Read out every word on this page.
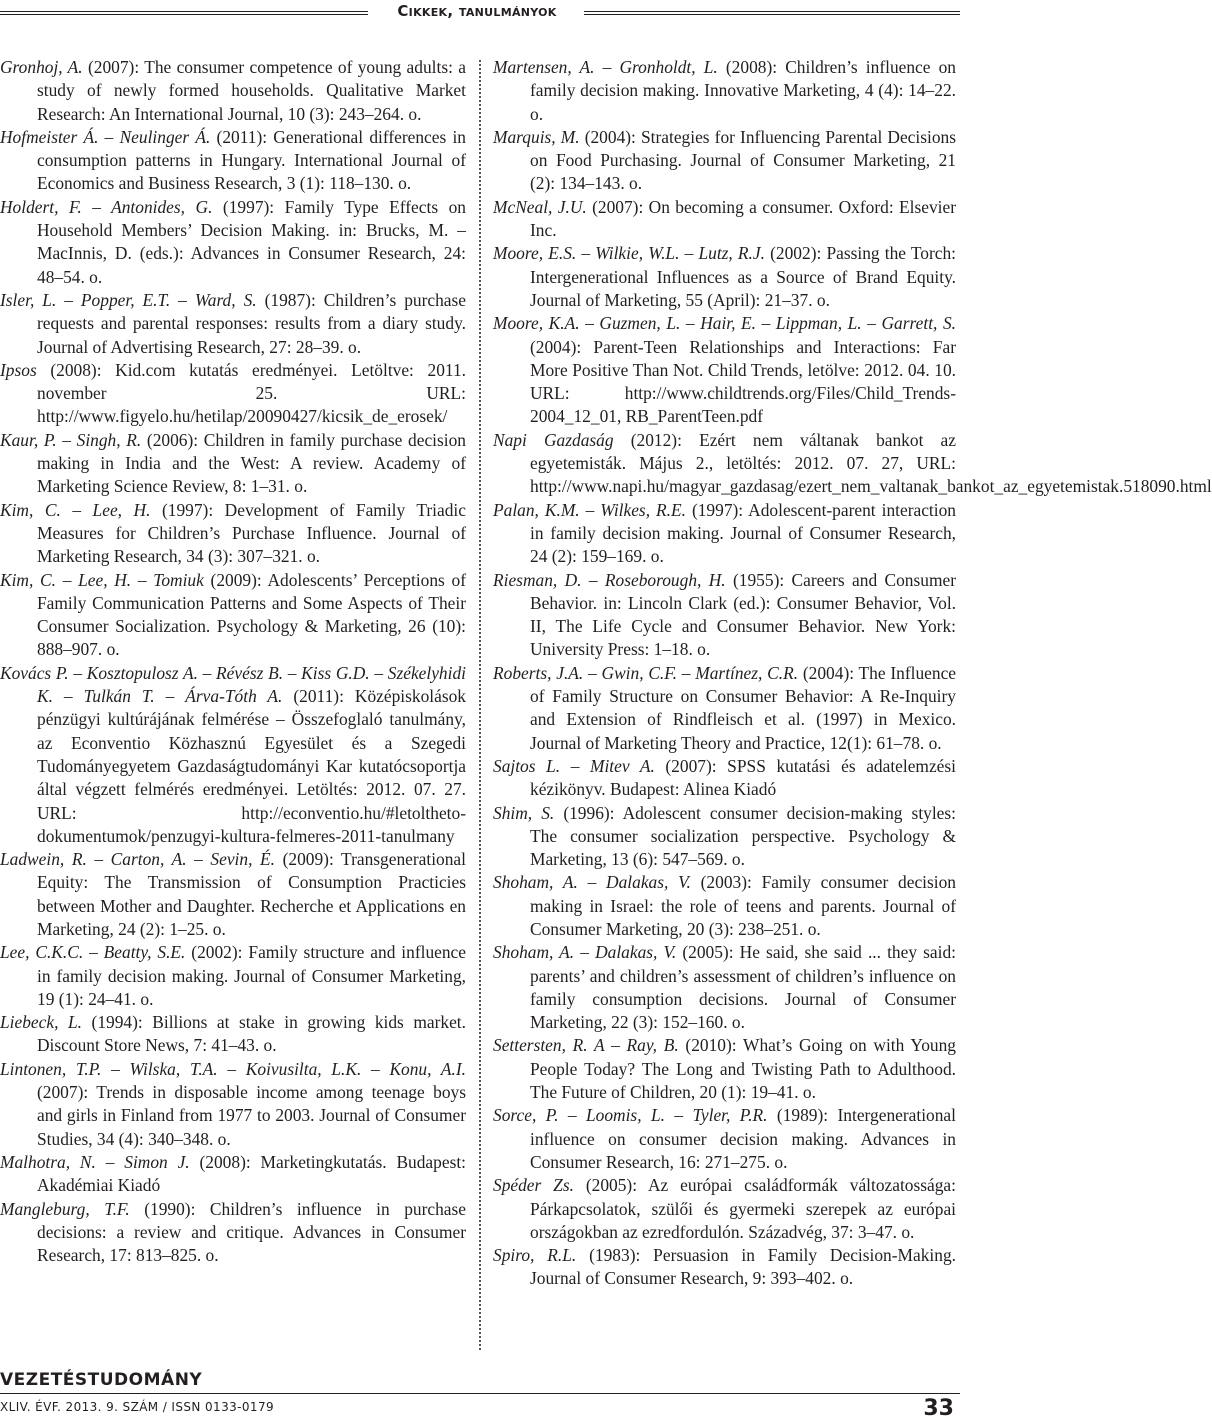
Cikkek, tanulmányok

Gronhoj, A. (2007): The consumer competence of young adults: a study of newly formed households. Qualitative Market Research: An International Journal, 10 (3): 243–264. o.

Hofmeister Á. – Neulinger Á. (2011): Generational differences in consumption patterns in Hungary. International Journal of Economics and Business Research, 3 (1): 118–130. o.

Holdert, F. – Antonides, G. (1997): Family Type Effects on Household Members’ Decision Making. in: Brucks, M. – MacInnis, D. (eds.): Advances in Consumer Research, 24: 48–54. o.

Isler, L. – Popper, E.T. – Ward, S. (1987): Children’s purchase requests and parental responses: results from a diary study. Journal of Advertising Research, 27: 28–39. o.

Ipsos (2008): Kid.com kutatás eredményei. Letöltve: 2011. november 25. URL: http://www.figyelo.hu/hetilap/20090427/kicsik_de_erosek/

Kaur, P. – Singh, R. (2006): Children in family purchase decision making in India and the West: A review. Academy of Marketing Science Review, 8: 1–31. o.

Kim, C. – Lee, H. (1997): Development of Family Triadic Measures for Children’s Purchase Influence. Journal of Marketing Research, 34 (3): 307–321. o.

Kim, C. – Lee, H. – Tomiuk (2009): Adolescents’ Perceptions of Family Communication Patterns and Some Aspects of Their Consumer Socialization. Psychology & Marketing, 26 (10): 888–907. o.

Kovács P. – Kosztopulosz A. – Révész B. – Kiss G.D. – Székelyhidi K. – Tulkán T. – Árva-Tóth A. (2011): Középiskolások pénzügyi kultúrájának felmérése – Összefoglaló tanulmány, az Econventio Közhasznú Egyesület és a Szegedi Tudományegyetem Gazdaságtudományi Kar kutatócsoportja által végzett felmérés eredményei. Letöltés: 2012. 07. 27. URL: http://econventio.hu/#letoltheto-dokumentumok/penzugyi-kultura-felmeres-2011-tanulmany

Ladwein, R. – Carton, A. – Sevin, É. (2009): Transgenerational Equity: The Transmission of Consumption Practicies between Mother and Daughter. Recherche et Applications en Marketing, 24 (2): 1–25. o.

Lee, C.K.C. – Beatty, S.E. (2002): Family structure and influence in family decision making. Journal of Consumer Marketing, 19 (1): 24–41. o.

Liebeck, L. (1994): Billions at stake in growing kids market. Discount Store News, 7: 41–43. o.

Lintonen, T.P. – Wilska, T.A. – Koivusilta, L.K. – Konu, A.I. (2007): Trends in disposable income among teenage boys and girls in Finland from 1977 to 2003. Journal of Consumer Studies, 34 (4): 340–348. o.

Malhotra, N. – Simon J. (2008): Marketingkutatás. Budapest: Akadémiai Kiadó

Mangleburg, T.F. (1990): Children’s influence in purchase decisions: a review and critique. Advances in Consumer Research, 17: 813–825. o.

Martensen, A. – Gronholdt, L. (2008): Children’s influence on family decision making. Innovative Marketing, 4 (4): 14–22. o.

Marquis, M. (2004): Strategies for Influencing Parental Decisions on Food Purchasing. Journal of Consumer Marketing, 21 (2): 134–143. o.

McNeal, J.U. (2007): On becoming a consumer. Oxford: Elsevier Inc.

Moore, E.S. – Wilkie, W.L. – Lutz, R.J. (2002): Passing the Torch: Intergenerational Influences as a Source of Brand Equity. Journal of Marketing, 55 (April): 21–37. o.

Moore, K.A. – Guzmen, L. – Hair, E. – Lippman, L. – Garrett, S. (2004): Parent-Teen Relationships and Interactions: Far More Positive Than Not. Child Trends, letölve: 2012. 04. 10. URL: http://www.childtrends.org/Files/Child_Trends-2004_12_01, RB_ParentTeen.pdf

Napi Gazdaság (2012): Ezért nem váltanak bankot az egyetemisták. Május 2., letöltés: 2012. 07. 27, URL: http://www.napi.hu/magyar_gazdasag/ezert_nem_valtanak_bankot_az_egyetemistak.518090.html

Palan, K.M. – Wilkes, R.E. (1997): Adolescent-parent interaction in family decision making. Journal of Consumer Research, 24 (2): 159–169. o.

Riesman, D. – Roseborough, H. (1955): Careers and Consumer Behavior. in: Lincoln Clark (ed.): Consumer Behavior, Vol. II, The Life Cycle and Consumer Behavior. New York: University Press: 1–18. o.

Roberts, J.A. – Gwin, C.F. – Martínez, C.R. (2004): The Influence of Family Structure on Consumer Behavior: A Re-Inquiry and Extension of Rindfleisch et al. (1997) in Mexico. Journal of Marketing Theory and Practice, 12(1): 61–78. o.

Sajtos L. – Mitev A. (2007): SPSS kutatási és adatelemzési kézikönyv. Budapest: Alinea Kiadó

Shim, S. (1996): Adolescent consumer decision-making styles: The consumer socialization perspective. Psychology & Marketing, 13 (6): 547–569. o.

Shoham, A. – Dalakas, V. (2003): Family consumer decision making in Israel: the role of teens and parents. Journal of Consumer Marketing, 20 (3): 238–251. o.

Shoham, A. – Dalakas, V. (2005): He said, she said ... they said: parents’ and children’s assessment of children’s influence on family consumption decisions. Journal of Consumer Marketing, 22 (3): 152–160. o.

Settersten, R. A – Ray, B. (2010): What’s Going on with Young People Today? The Long and Twisting Path to Adulthood. The Future of Children, 20 (1): 19–41. o.

Sorce, P. – Loomis, L. – Tyler, P.R. (1989): Intergenerational influence on consumer decision making. Advances in Consumer Research, 16: 271–275. o.

Spéder Zs. (2005): Az európai családformák változatossága: Párkapcsolatok, szülői és gyermeki szerepek az európai országokban az ezredfordulón. Századvég, 37: 3–47. o.

Spiro, R.L. (1983): Persuasion in Family Decision-Making. Journal of Consumer Research, 9: 393–402. o.

VEZETÉSTUDOMÁNY
XLIV. ÉVF. 2013. 9. SZÁM / ISSN 0133-0179	33
